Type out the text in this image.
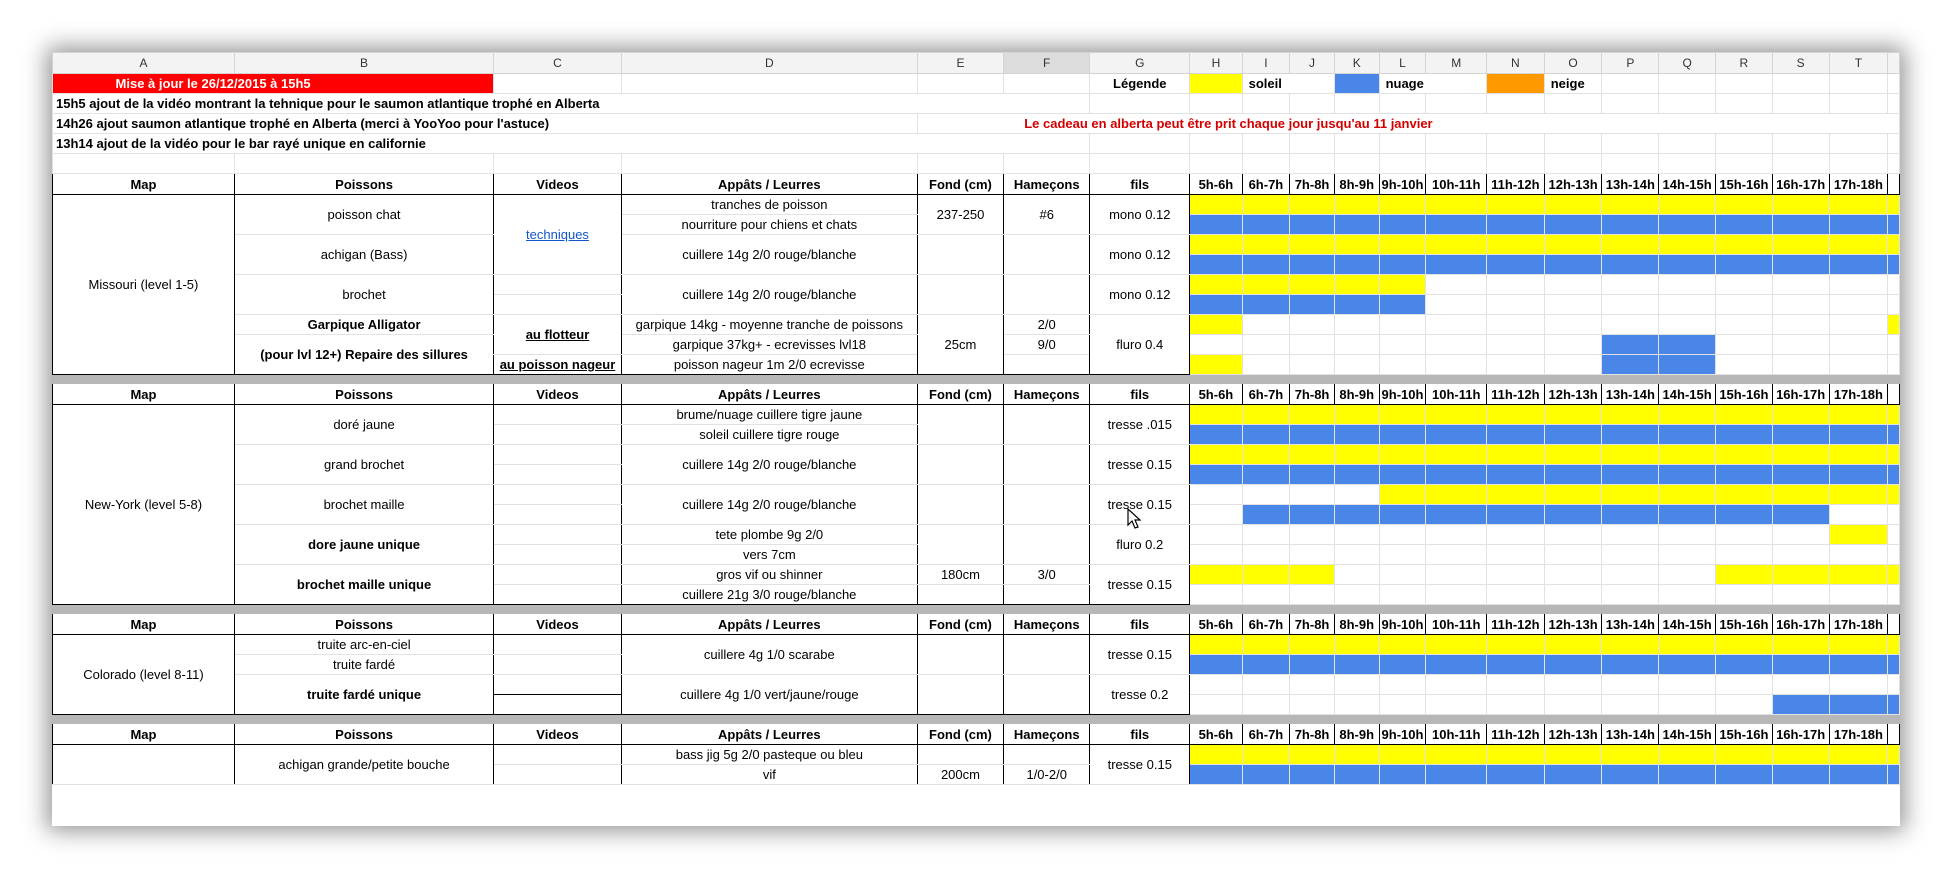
A	B	C	D	E	F	G	H	I	J	K	L	M	N	O	P	Q	R	S	T	
Mise à jour le 26/12/2015 à 15h5						Légende		soleil			nuage			neige						
15h5 ajout de la vidéo montrant la tehnique pour le saumon atlantique trophé en Alberta																				
14h26 ajout saumon atlantique trophé en Alberta (merci à YooYoo pour l'astuce)				Le cadeau en alberta peut être prit chaque jour jusqu'au 11 janvier																
13h14 ajout de la vidéo pour le bar rayé unique en californie																				

Map	Poissons	Videos	Appâts / Leurres	Fond (cm)	Hameçons	fils	5h-6h	6h-7h	7h-8h	8h-9h	9h-10h	10h-11h	11h-12h	12h-13h	13h-14h	14h-15h	15h-16h	16h-17h	17h-18h	
Missouri (level 1-5)	poisson chat	techniques	tranches de poisson	237-250	#6	mono 0.12														
			nourriture pour chiens et chats																	
	achigan (Bass)		cuillere 14g 2/0 rouge/blanche			mono 0.12														

	brochet		cuillere 14g 2/0 rouge/blanche			mono 0.12														

	Garpique Alligator	au flotteur	garpique 14kg - moyenne tranche de poissons	25cm	2/0	fluro 0.4														
	(pour lvl 12+) Repaire des sillures		garpique 37kg+ - ecrevisses lvl18		9/0															
		au poisson nageur	poisson nageur 1m 2/0 ecrevisse																	

Map	Poissons	Videos	Appâts / Leurres	Fond (cm)	Hameçons	fils	5h-6h	6h-7h	7h-8h	8h-9h	9h-10h	10h-11h	11h-12h	12h-13h	13h-14h	14h-15h	15h-16h	16h-17h	17h-18h	
New-York (level 5-8)	doré jaune		brume/nuage cuillere tigre jaune			tresse .015														
			soleil cuillere tigre rouge																	
	grand brochet		cuillere 14g 2/0 rouge/blanche			tresse 0.15														

	brochet maille		cuillere 14g 2/0 rouge/blanche			tresse 0.15														

	dore jaune unique		tete plombe 9g 2/0			fluro 0.2														
			vers 7cm																	
	brochet maille unique		gros vif ou shinner	180cm	3/0	tresse 0.15														
			cuillere 21g 3/0 rouge/blanche																	

Map	Poissons	Videos	Appâts / Leurres	Fond (cm)	Hameçons	fils	5h-6h	6h-7h	7h-8h	8h-9h	9h-10h	10h-11h	11h-12h	12h-13h	13h-14h	14h-15h	15h-16h	16h-17h	17h-18h	
Colorado (level 8-11)	truite arc-en-ciel		cuillere 4g 1/0 scarabe			tresse 0.15														
	truite fardé																			
	truite fardé unique		cuillere 4g 1/0 vert/jaune/rouge			tresse 0.2														

Map	Poissons	Videos	Appâts / Leurres	Fond (cm)	Hameçons	fils	5h-6h	6h-7h	7h-8h	8h-9h	9h-10h	10h-11h	11h-12h	12h-13h	13h-14h	14h-15h	15h-16h	16h-17h	17h-18h	
	achigan grande/petite bouche		bass jig 5g 2/0 pasteque ou bleu			tresse 0.15														
			vif	200cm	1/0-2/0															
